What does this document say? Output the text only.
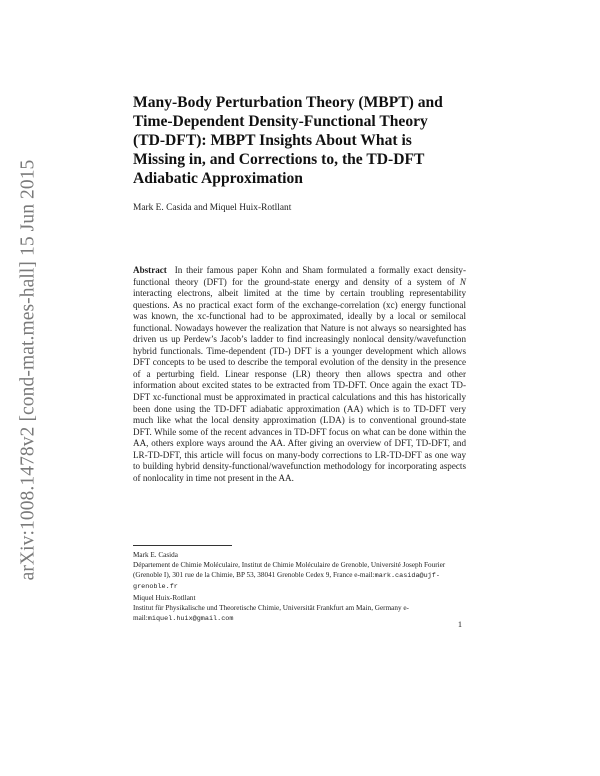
arXiv:1008.1478v2 [cond-mat.mes-hall] 15 Jun 2015
Many-Body Perturbation Theory (MBPT) and Time-Dependent Density-Functional Theory (TD-DFT): MBPT Insights About What is Missing in, and Corrections to, the TD-DFT Adiabatic Approximation
Mark E. Casida and Miquel Huix-Rotllant
Abstract In their famous paper Kohn and Sham formulated a formally exact density-functional theory (DFT) for the ground-state energy and density of a system of N interacting electrons, albeit limited at the time by certain troubling representability questions. As no practical exact form of the exchange-correlation (xc) energy functional was known, the xc-functional had to be approximated, ideally by a local or semilocal functional. Nowadays however the realization that Nature is not always so nearsighted has driven us up Perdew’s Jacob’s ladder to find increasingly nonlocal density/wavefunction hybrid functionals. Time-dependent (TD-) DFT is a younger development which allows DFT concepts to be used to describe the temporal evolution of the density in the presence of a perturbing field. Linear response (LR) theory then allows spectra and other information about excited states to be extracted from TD-DFT. Once again the exact TD-DFT xc-functional must be approximated in practical calculations and this has historically been done using the TD-DFT adiabatic approximation (AA) which is to TD-DFT very much like what the local density approximation (LDA) is to conventional ground-state DFT. While some of the recent advances in TD-DFT focus on what can be done within the AA, others explore ways around the AA. After giving an overview of DFT, TD-DFT, and LR-TD-DFT, this article will focus on many-body corrections to LR-TD-DFT as one way to building hybrid density-functional/wavefunction methodology for incorporating aspects of nonlocality in time not present in the AA.
Mark E. Casida
Département de Chimie Moléculaire, Institut de Chimie Moléculaire de Grenoble, Université Joseph Fourier (Grenoble I), 301 rue de la Chimie, BP 53, 38041 Grenoble Cedex 9, France e-mail:mark.casida@ujf-grenoble.fr
Miquel Huix-Rotllant
Institut für Physikalische und Theoretische Chimie, Universität Frankfurt am Main, Germany e-mail:miquel.huix@gmail.com
1
